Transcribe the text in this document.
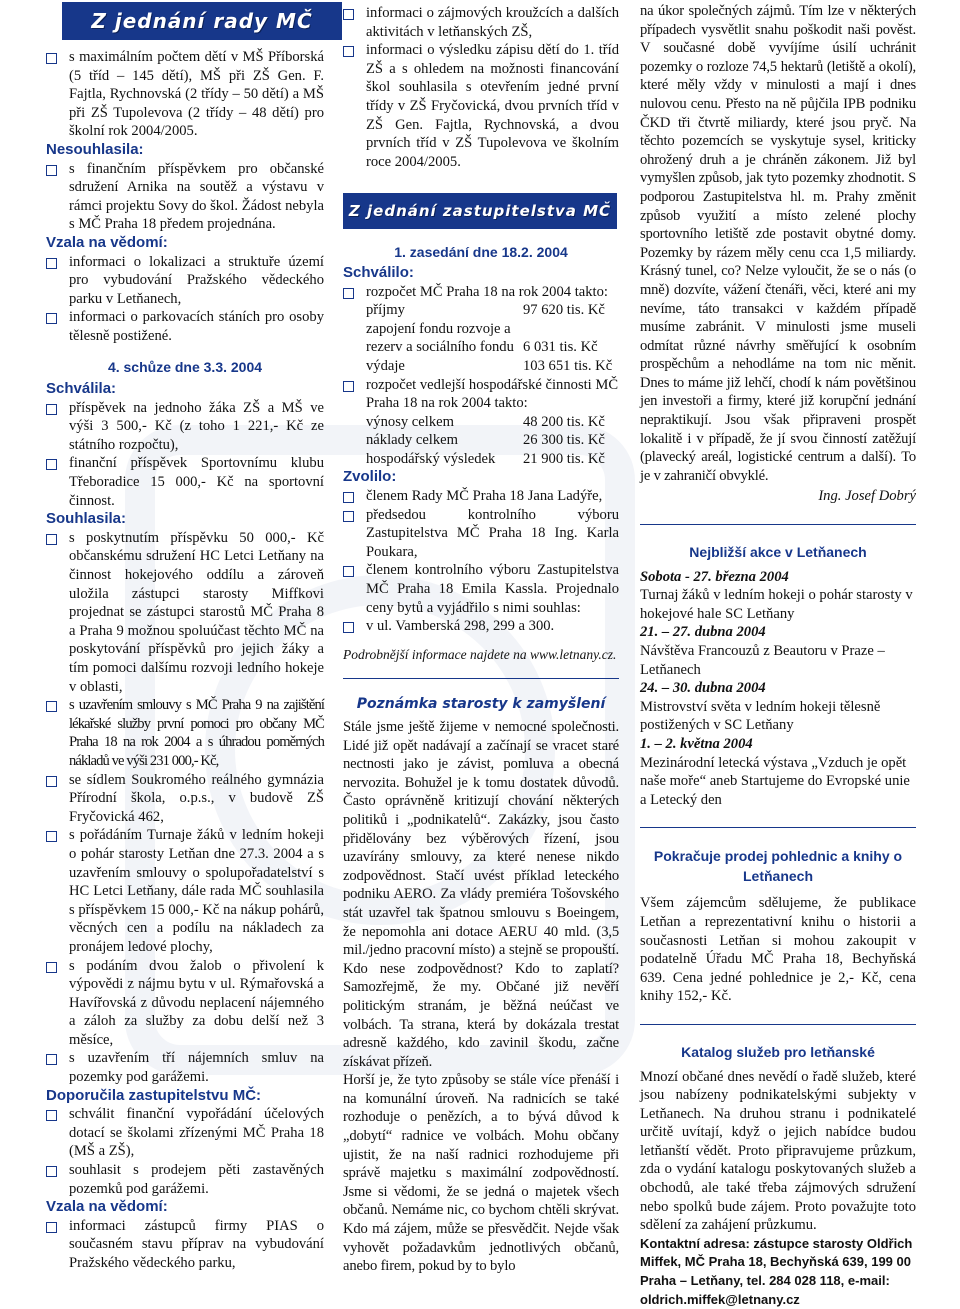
Z jednání rady MČ
s maximálním počtem dětí v MŠ Příborská (5 tříd – 145 dětí), MŠ při ZŠ Gen. F. Fajtla, Rychnovská (2 třídy – 50 dětí) a MŠ při ZŠ Tupolevova (2 třídy – 48 dětí) pro školní rok 2004/2005.
Nesouhlasila:
s finančním příspěvkem pro občanské sdružení Arnika na soutěž a výstavu v rámci projektu Sovy do škol. Žádost nebyla s MČ Praha 18 předem projednána.
Vzala na vědomí:
informaci o lokalizaci a struktuře území pro vybudování Pražského vědeckého parku v Letňanech,
informaci o parkovacích stáních pro osoby tělesně postižené.
4. schůze dne 3.3. 2004
Schválila:
příspěvek na jednoho žáka ZŠ a MŠ ve výši 3 500,- Kč (z toho 1 221,- Kč ze státního rozpočtu),
finanční příspěvek Sportovnímu klubu Třeboradice 15 000,- Kč na sportovní činnost.
Souhlasila:
s poskytnutím příspěvku 50 000,- Kč občanskému sdružení HC Letci Letňany na činnost hokejového oddílu a zároveň uložila zástupci starosty Miffkovi projednat se zástupci starostů MČ Praha 8 a Praha 9 možnou spoluúčast těchto MČ na poskytování příspěvků pro jejich žáky a tím pomoci dalšímu rozvoji ledního hokeje v oblasti,
s uzavřením smlouvy s MČ Praha 9 na zajištění lékařské služby první pomoci pro občany MČ Praha 18 na rok 2004 a s úhradou poměrných nákladů ve výši 231 000,- Kč,
se sídlem Soukromého reálného gymnázia Přírodní škola, o.p.s., v budově ZŠ Fryčovická 462,
s pořádáním Turnaje žáků v ledním hokeji o pohár starosty Letňan dne 27.3. 2004 a s uzavřením smlouvy o spolupořadatelství s HC Letci Letňany, dále rada MČ souhlasila s příspěvkem 15 000,- Kč na nákup pohárů, věcných cen a podílu na nákladech za pronájem ledové plochy,
s podáním dvou žalob o přivolení k výpovědi z nájmu bytu v ul. Rýmařovská a Havířovská z důvodu neplacení nájemného a záloh za služby za dobu delší než 3 měsíce,
s uzavřením tří nájemních smluv na pozemky pod garážemi.
Doporučila zastupitelstvu MČ:
schválit finanční vypořádání účelových dotací se školami zřízenými MČ Praha 18 (MŠ a ZŠ),
souhlasit s prodejem pěti zastavěných pozemků pod garážemi.
Vzala na vědomí:
informaci zástupců firmy PIAS o současném stavu příprav na vybudování Pražského vědeckého parku,
informaci o zájmových kroužcích a dalších aktivitách v letňanských ZŠ,
informaci o výsledku zápisu dětí do 1. tříd ZŠ a s ohledem na možnosti financování škol souhlasila s otevřením jedné první třídy v ZŠ Fryčovická, dvou prvních tříd v ZŠ Gen. Fajtla, Rychnovská, a dvou prvních tříd v ZŠ Tupolevova ve školním roce 2004/2005.
Z jednání zastupitelstva MČ
1. zasedání dne 18.2. 2004
Schválilo:
rozpočet MČ Praha 18 na rok 2004 takto:
příjmy	97 620 tis. Kč
zapojení fondu rozvoje a rezerv a sociálního fondu 6 031 tis. Kč
výdaje	103 651 tis. Kč
rozpočet vedlejší hospodářské činnosti MČ Praha 18 na rok 2004 takto:
výnosy celkem	48 200 tis. Kč
náklady celkem	26 300 tis. Kč
hospodářský výsledek	21 900 tis. Kč
Zvolilo:
členem Rady MČ Praha 18 Jana Ladýře,
předsedou kontrolního výboru Zastupitelstva MČ Praha 18 Ing. Karla Poukara,
členem kontrolního výboru Zastupitelstva MČ Praha 18 Emila Kassla. Projednalo ceny bytů a vyjádřilo s nimi souhlas:
v ul. Vamberská 298, 299 a 300.

Podrobnější informace najdete na www.letnany.cz.

Poznámka starosty k zamyšlení

Stále jsme ještě žijeme v nemocné společnosti. Lidé již opět nadávají a začínají se vracet staré nectnosti jako je závist, pomluva a obecná nervozita. Bohužel je k tomu dostatek důvodů. Často oprávněně kritizují chování některých politiků i „podnikatelů“. Zakázky, jsou často přidělovány bez výběrových řízení, jsou uzavírány smlouvy, za které nenese nikdo zodpovědnost. Stačí uvést příklad leteckého podniku AERO. Za vlády premiéra Tošovského stát uzavřel tak špatnou smlouvu s Boeingem, že nepomohla ani dotace AERU 40 mld. (3,5 mil./jedno pracovní místo) a stejně se propouští. Kdo nese zodpovědnost? Kdo to zaplatí? Samozřejmě, že my. Občané již nevěří politickým stranám, je běžná neúčast ve volbách. Ta strana, která by dokázala trestat adresně každého, kdo zavinil škodu, začne získávat přízeň.

Horší je, že tyto způsoby se stále více přenáší i na komunální úroveň. Na radnicích se také rozhoduje o penězích, a to bývá důvod k „dobytí“ radnice ve volbách. Mohu občany ujistit, že na naší radnici rozhodujeme při správě majetku s maximální zodpovědností. Jsme si vědomi, že se jedná o majetek všech občanů. Nemáme nic, co bychom chtěli skrývat. Kdo má zájem, může se přesvědčit. Nejde však vyhovět požadavkům jednotlivých občanů, anebo firem, pokud by to bylo

na úkor společných zájmů. Tím lze v některých případech vysvětlit snahu poškodit naši pověst. V současné době vyvíjíme úsilí uchránit pozemky o rozloze 74,5 hektarů (letiště a okolí), které měly vždy v minulosti a mají i dnes nulovou cenu. Přesto na ně půjčila IPB podniku ČKD tři čtvrtě miliardy, které jsou pryč. Na těchto pozemcích se vyskytuje sysel, kriticky ohrožený druh a je chráněn zákonem. Již byl vymyšlen způsob, jak tyto pozemky zhodnotit. S podporou Zastupitelstva hl. m. Prahy změnit způsob využití a místo zelené plochy sportovního letiště zde postavit obytné domy. Pozemky by rázem měly cenu cca 1,5 miliardy. Krásný tunel, co? Nelze vyloučit, že se o nás (o mně) dozvíte, vážení čtenáři, věci, které ani my nevíme, táto transakci v každém případě musíme zabránit. V minulosti jsme museli odmítat různé návrhy směřující k osobním prospěchům a nehodláme na tom nic měnit. Dnes to máme již lehčí, chodí k nám povětšinou jen investoři a firmy, které již korupční jednání nepraktikují. Jsou však připraveni prospět lokalitě i v případě, že jí svou činností zatěžují (plavecký areál, logistické centrum a další). To je v zahraničí obvyklé.

Ing. Josef Dobrý

Nejbližší akce v Letňanech
Sobota - 27. března 2004
Turnaj žáků v ledním hokeji o pohár starosty v hokejové hale SC Letňany
21. – 27. dubna 2004
Návštěva Francouzů z Beautoru v Praze – Letňanech
24. – 30. dubna 2004
Mistrovství světa v ledním hokeji tělesně postižených v SC Letňany
1. – 2. května 2004
Mezinárodní letecká výstava „Vzduch je opět naše moře“ aneb Startujeme do Evropské unie a Letecký den
Pokračuje prodej pohlednic a knihy o Letňanech

Všem zájemcům sdělujeme, že publikace Letňan a reprezentativní knihu o historii a současnosti Letňan si mohou zakoupit v podatelně Úřadu MČ Praha 18, Bechyňská 639. Cena jedné pohlednice je 2,- Kč, cena knihy 152,- Kč.

Katalog služeb pro letňanské

Mnozí občané dnes nevědí o řadě služeb, které jsou nabízeny podnikatelskými subjekty v Letňanech. Na druhou stranu i podnikatelé určitě uvítají, když o jejich nabídce budou letňanští vědět. Proto připravujeme průzkum, zda o vydání katalogu poskytovaných služeb a obchodů, ale také třeba zájmových sdružení nebo spolků bude zájem. Proto považujte toto sdělení za zahájení průzkumu.

Kontaktní adresa: zástupce starosty Oldřich Miffek, MČ Praha 18, Bechyňská 639, 199 00 Praha – Letňany, tel. 284 028 118, e-mail: oldrich.miffek@letnany.cz
